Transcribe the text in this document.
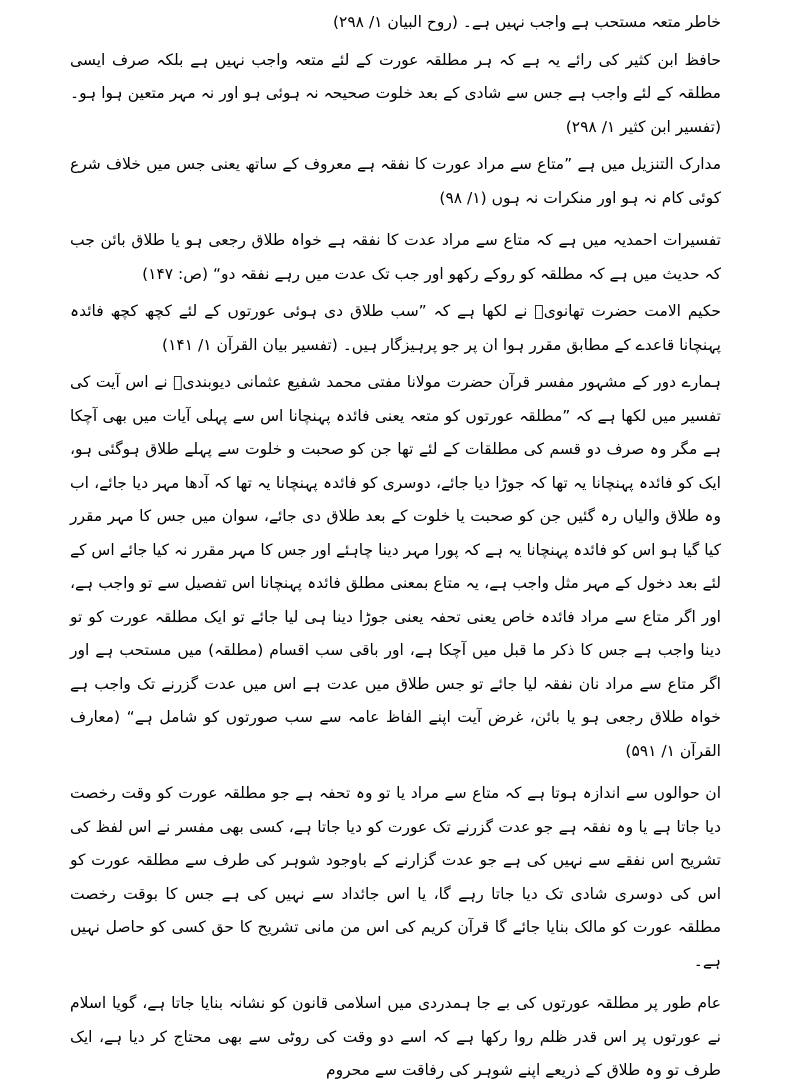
خاطر متعہ مستحب ہے واجب نہیں ہے۔ (روح البیان ۱/ ۲۹۸)

حافظ ابن کثیر کی رائے یہ ہے کہ ہر مطلقہ عورت کے لئے متعہ واجب نہیں ہے بلکہ صرف ایسی مطلقہ کے لئے واجب ہے جس سے شادی کے بعد خلوت صحیحہ نہ ہوئی ہو اور نہ مہر متعین ہوا ہو۔ (تفسیر ابن کثیر ۱/ ۲۹۸)

مدارک التنزیل میں ہے ”متاع سے مراد عورت کا نفقہ ہے معروف کے ساتھ یعنی جس میں خلاف شرع کوئی کام نہ ہو اور منکرات نہ ہوں (۱/ ۹۸)

تفسیرات احمدیہ میں ہے کہ متاع سے مراد عدت کا نفقہ ہے خواہ طلاق رجعی ہو یا طلاق بائن جب کہ حدیث میں ہے کہ مطلقہ کو روکے رکھو اور جب تک عدت میں رہے نفقہ دو“ (ص: ۱۴۷)

حکیم الامت حضرت تھانویؒ نے لکھا ہے کہ ”سب طلاق دی ہوئی عورتوں کے لئے کچھ کچھ فائدہ پہنچانا قاعدے کے مطابق مقرر ہوا ان پر جو پرہیزگار ہیں۔ (تفسیر بیان القرآن ۱/ ۱۴۱)

ہمارے دور کے مشہور مفسر قرآن حضرت مولانا مفتی محمد شفیع عثمانی دیوبندیؒ نے اس آیت کی تفسیر میں لکھا ہے کہ ”مطلقہ عورتوں کو متعہ یعنی فائدہ پہنچانا اس سے پہلی آیات میں بھی آچکا ہے مگر وہ صرف دو قسم کی مطلقات کے لئے تھا جن کو صحبت و خلوت سے پہلے طلاق ہوگئی ہو، ایک کو فائدہ پہنچانا یہ تھا کہ جوڑا دیا جائے، دوسری کو فائدہ پہنچانا یہ تھا کہ آدھا مہر دیا جائے، اب وہ طلاق والیاں رہ گئیں جن کو صحبت یا خلوت کے بعد طلاق دی جائے، سوان میں جس کا مہر مقرر کیا گیا ہو اس کو فائدہ پہنچانا یہ ہے کہ پورا مہر دینا چاہئے اور جس کا مہر مقرر نہ کیا جائے اس کے لئے بعد دخول کے مہر مثل واجب ہے، یہ متاع بمعنی مطلق فائدہ پہنچانا اس تفصیل سے تو واجب ہے، اور اگر متاع سے مراد فائدہ خاص یعنی تحفہ یعنی جوڑا دینا ہی لیا جائے تو ایک مطلقہ عورت کو تو دینا واجب ہے جس کا ذکر ما قبل میں آچکا ہے، اور باقی سب اقسام (مطلقہ) میں مستحب ہے اور اگر متاع سے مراد نان نفقہ لیا جائے تو جس طلاق میں عدت ہے اس میں عدت گزرنے تک واجب ہے خواہ طلاق رجعی ہو یا بائن، غرض آیت اپنے الفاظ عامہ سے سب صورتوں کو شامل ہے“ (معارف القرآن ۱/ ۵۹۱)

ان حوالوں سے اندازہ ہوتا ہے کہ متاع سے مراد یا تو وہ تحفہ ہے جو مطلقہ عورت کو وقت رخصت دیا جاتا ہے یا وہ نفقہ ہے جو عدت گزرنے تک عورت کو دیا جاتا ہے، کسی بھی مفسر نے اس لفظ کی تشریح اس نفقے سے نہیں کی ہے جو عدت گزارنے کے باوجود شوہر کی طرف سے مطلقہ عورت کو اس کی دوسری شادی تک دیا جاتا رہے گا، یا اس جائداد سے نہیں کی ہے جس کا بوقت رخصت مطلقہ عورت کو مالک بنایا جائے گا قرآن کریم کی اس من مانی تشریح کا حق کسی کو حاصل نہیں ہے۔

عام طور پر مطلقہ عورتوں کی بے جا ہمدردی میں اسلامی قانون کو نشانہ بنایا جاتا ہے، گویا اسلام نے عورتوں پر اس قدر ظلم روا رکھا ہے کہ اسے دو وقت کی روٹی سے بھی محتاج کر دیا ہے، ایک طرف تو وہ طلاق کے ذریعے اپنے شوہر کی رفاقت سے محروم
